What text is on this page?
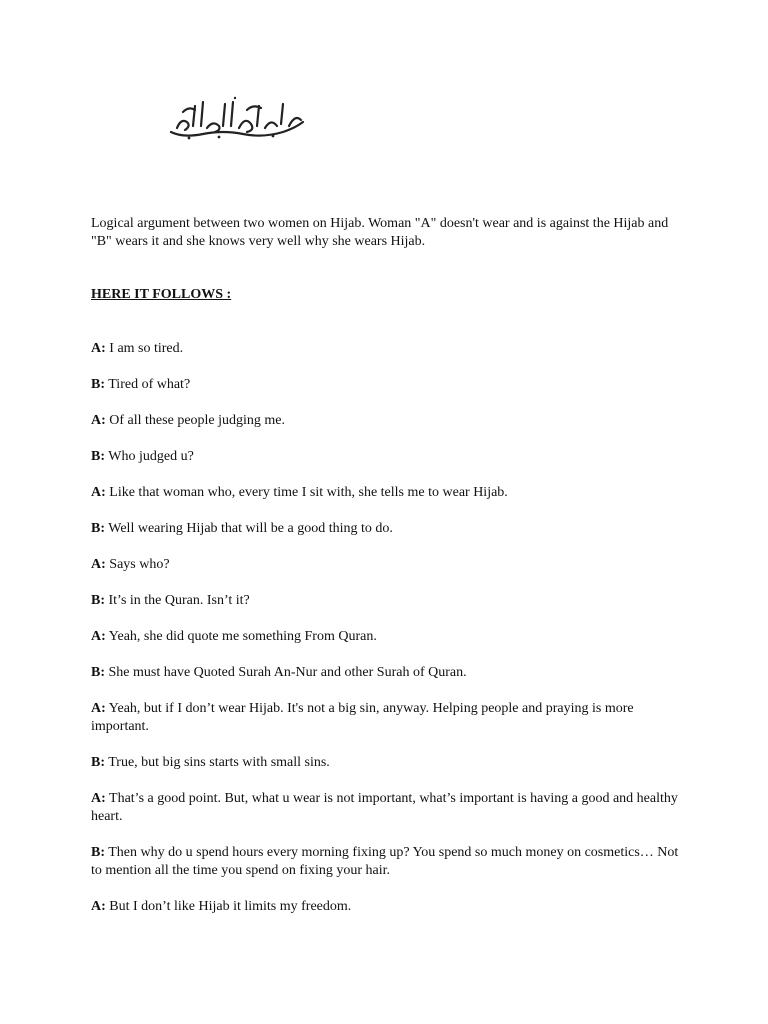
Logical argument between two women on Hijab. Woman "A" doesn't wear and is against the Hijab and "B" wears it and she knows very well why she wears Hijab.

HERE IT FOLLOWS :

A: I am so tired.
B: Tired of what?
A: Of all these people judging me.
B: Who judged u?
A: Like that woman who, every time I sit with, she tells me to wear Hijab.
B: Well wearing Hijab that will be a good thing to do.
A: Says who?
B: It’s in the Quran. Isn’t it?
A: Yeah, she did quote me something From Quran.
B: She must have Quoted Surah An-Nur and other Surah of Quran.
A: Yeah, but if I don’t wear Hijab. It's not a big sin, anyway. Helping people and praying is more important.
B: True, but big sins starts with small sins.
A: That’s a good point. But, what u wear is not important, what’s important is having a good and healthy heart.
B: Then why do u spend hours every morning fixing up? You spend so much money on cosmetics… Not to mention all the time you spend on fixing your hair.
A: But I don’t like Hijab it limits my freedom.
